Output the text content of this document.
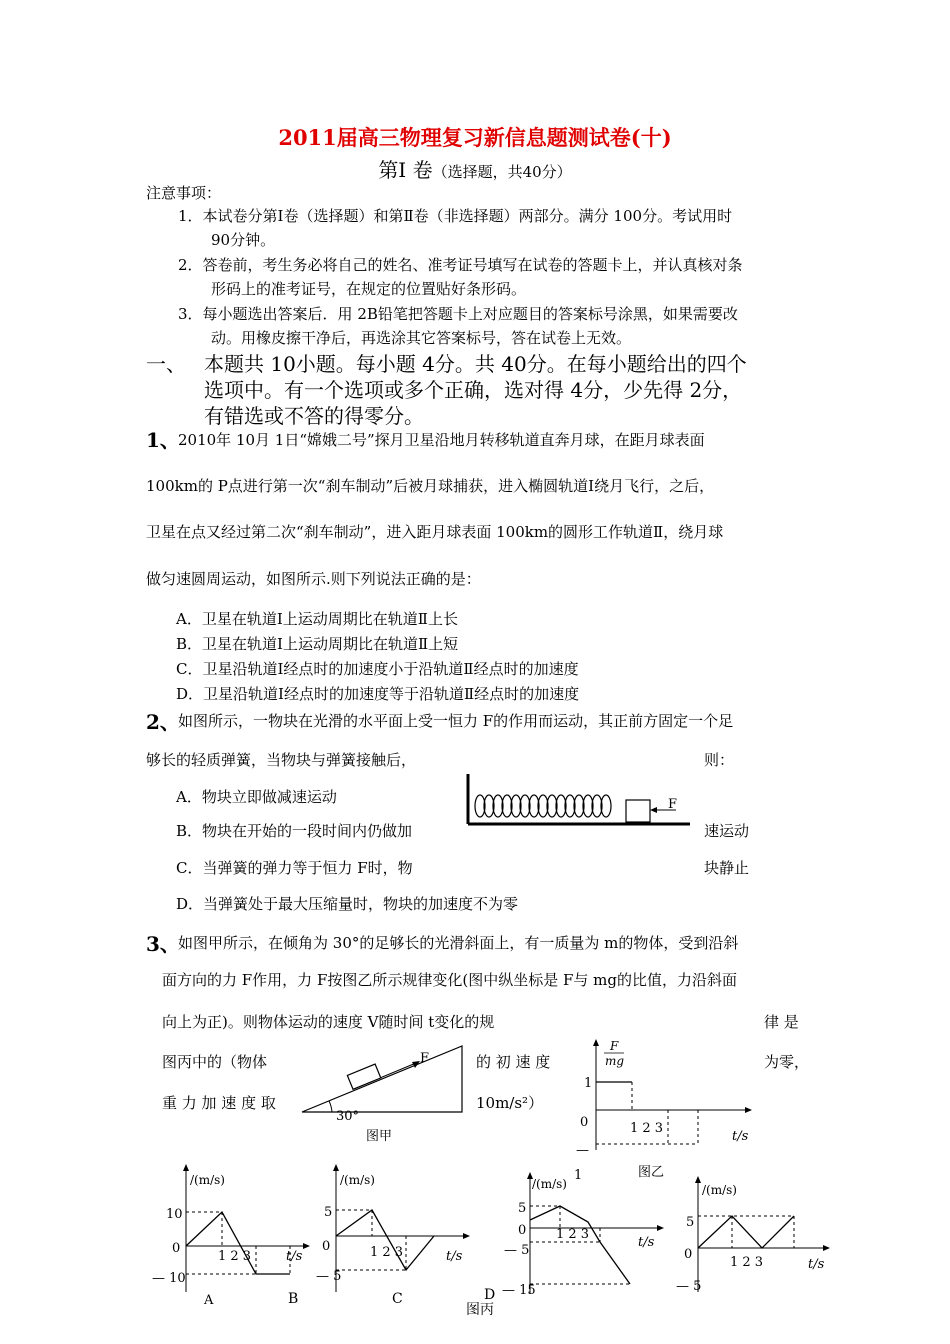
2011届高三物理复习新信息题测试卷(十)
第Ⅰ 卷（选择题，共40分）
注意事项：
1．本试卷分第Ⅰ卷（选择题）和第Ⅱ卷（非选择题）两部分。满分 100分。考试用时
90分钟。
2．答卷前，考生务必将自己的姓名、准考证号填写在试卷的答题卡上，并认真核对条
形码上的准考证号，在规定的位置贴好条形码。
3．每小题选出答案后．用 2B铅笔把答题卡上对应题目的答案标号涂黑，如果需要改
动。用橡皮擦干净后，再选涂其它答案标号，答在试卷上无效。
一、 本题共 10小题。每小题 4分。共 40分。在每小题给出的四个
选项中。有一个选项或多个正确，选对得 4分，少先得 2分，
有错选或不答的得零分。
1、
2010年 10月 1日“嫦娥二号”探月卫星沿地月转移轨道直奔月球，在距月球表面
100km的 P点进行第一次“刹车制动”后被月球捕获，进入椭圆轨道Ⅰ绕月飞行，之后，
卫星在点又经过第二次“刹车制动”，进入距月球表面 100km的圆形工作轨道Ⅱ，绕月球
做匀速圆周运动，如图所示.则下列说法正确的是：
A．卫星在轨道Ⅰ上运动周期比在轨道Ⅱ上长
B．卫星在轨道Ⅰ上运动周期比在轨道Ⅱ上短
C．卫星沿轨道Ⅰ经点时的加速度小于沿轨道Ⅱ经点时的加速度
D．卫星沿轨道Ⅰ经点时的加速度等于沿轨道Ⅱ经点时的加速度
2、
如图所示，一物块在光滑的水平面上受一恒力 F的作用而运动，其正前方固定一个足
够长的轻质弹簧，当物块与弹簧接触后，	则：
A．物块立即做减速运动
B．物块在开始的一段时间内仍做加	速运动
C．当弹簧的弹力等于恒力 F时，物	块静止
D．当弹簧处于最大压缩量时，物块的加速度不为零
F
3、
如图甲所示，在倾角为 30°的足够长的光滑斜面上，有一质量为 m的物体，受到沿斜
面方向的力 F作用，力 F按图乙所示规律变化(图中纵坐标是 F与 mg的比值，力沿斜面
向上为正)。则物体运动的速度 V随时间 t变化的规	律 是
图丙中的（物体	的 初 速 度	为零，
重 力 加 速 度 取	10m/s²）
30°
F
图甲
F
mg
1
0
—
1
1 2 3
t/s
图乙
/(m/s)
10
0
— 10
1 2 3	t/s
A	B
/(m/s)
5
0
— 5
1 2 3	t/s
C
/(m/s)
5
0
— 5
— 15
1 2 3
t/s
D
图丙
/(m/s)
5
0
— 5
1 2 3	t/s
